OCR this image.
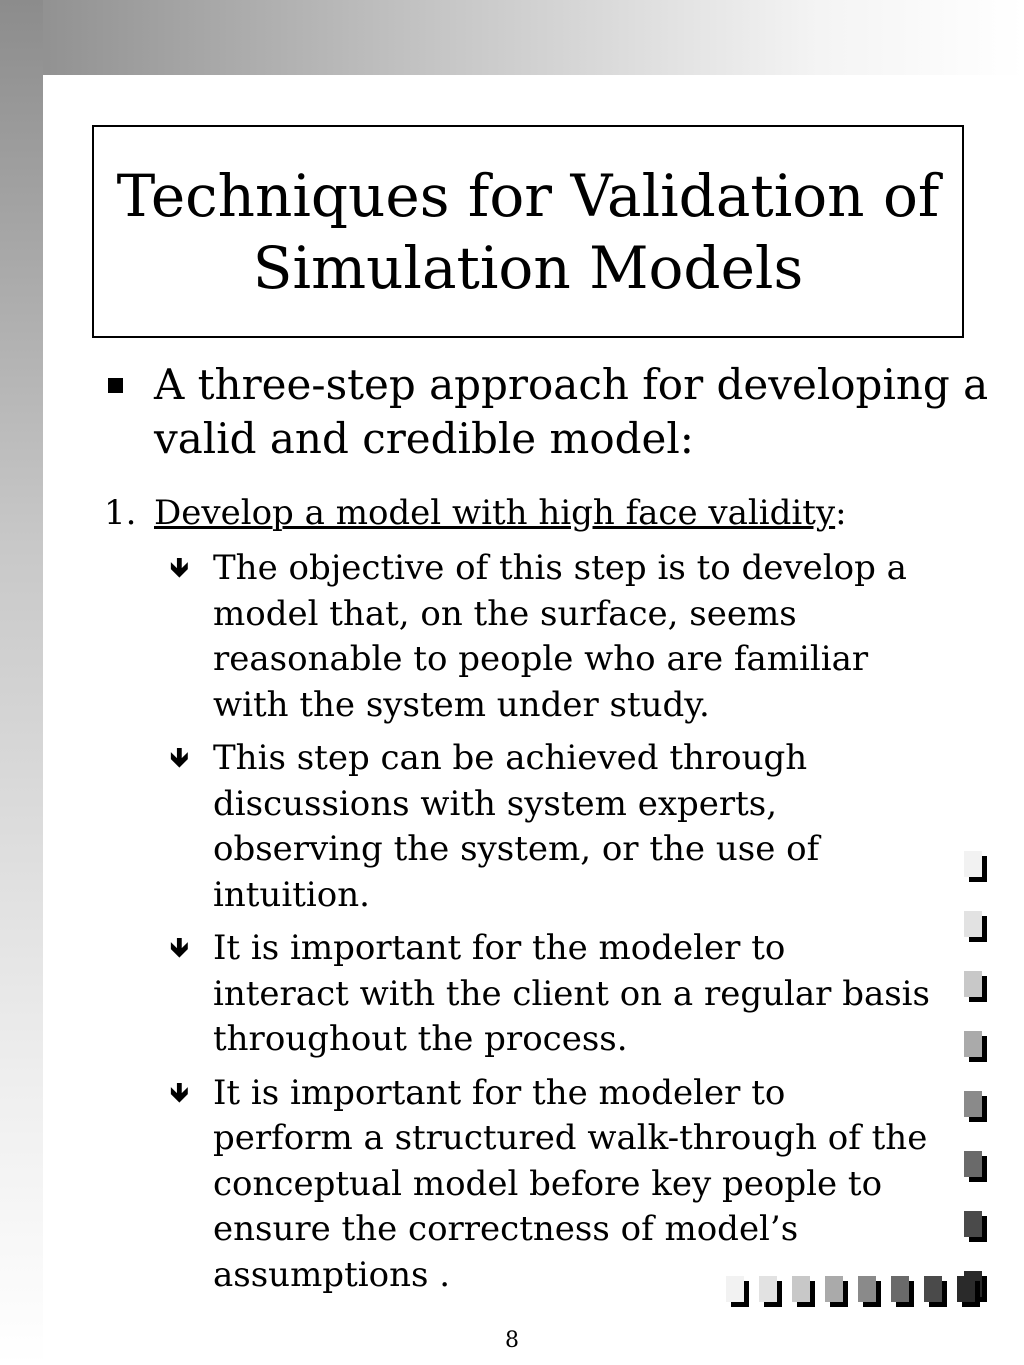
Techniques for Validation of
Simulation Models
A three-step approach for developing a valid and credible model:
1. Develop a model with high face validity:
🡻 The objective of this step is to develop a model that, on the surface, seems reasonable to people who are familiar with the system under study.
🡻 This step can be achieved through discussions with system experts, observing the system, or the use of intuition.
🡻 It is important for the modeler to interact with the client on a regular basis throughout the process.
🡻 It is important for the modeler to perform a structured walk-through of the conceptual model before key people to ensure the correctness of model’s assumptions .
8
